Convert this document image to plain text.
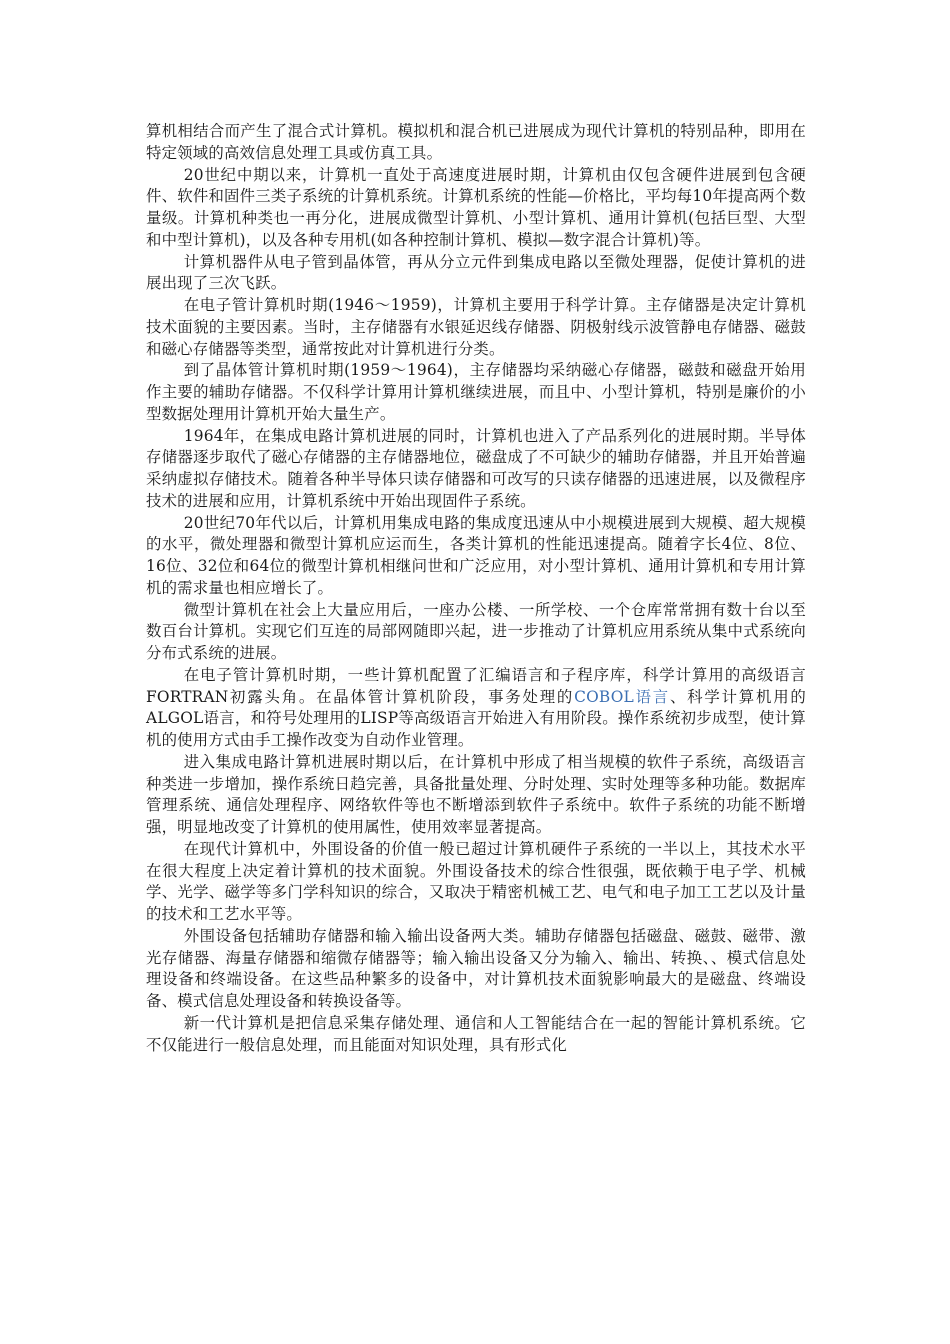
算机相结合而产生了混合式计算机。模拟机和混合机已进展成为现代计算机的特别品种，即用在特定领域的高效信息处理工具或仿真工具。

20世纪中期以来，计算机一直处于高速度进展时期，计算机由仅包含硬件进展到包含硬件、软件和固件三类子系统的计算机系统。计算机系统的性能—价格比，平均每10年提高两个数量级。计算机种类也一再分化，进展成微型计算机、小型计算机、通用计算机(包括巨型、大型和中型计算机)，以及各种专用机(如各种控制计算机、模拟—数字混合计算机)等。

计算机器件从电子管到晶体管，再从分立元件到集成电路以至微处理器，促使计算机的进展出现了三次飞跃。

在电子管计算机时期(1946～1959)，计算机主要用于科学计算。主存储器是决定计算机技术面貌的主要因素。当时，主存储器有水银延迟线存储器、阴极射线示波管静电存储器、磁鼓和磁心存储器等类型，通常按此对计算机进行分类。

到了晶体管计算机时期(1959～1964)，主存储器均采纳磁心存储器，磁鼓和磁盘开始用作主要的辅助存储器。不仅科学计算用计算机继续进展，而且中、小型计算机，特别是廉价的小型数据处理用计算机开始大量生产。

1964年，在集成电路计算机进展的同时，计算机也进入了产品系列化的进展时期。半导体存储器逐步取代了磁心存储器的主存储器地位，磁盘成了不可缺少的辅助存储器，并且开始普遍采纳虚拟存储技术。随着各种半导体只读存储器和可改写的只读存储器的迅速进展，以及微程序技术的进展和应用，计算机系统中开始出现固件子系统。

20世纪70年代以后，计算机用集成电路的集成度迅速从中小规模进展到大规模、超大规模的水平，微处理器和微型计算机应运而生，各类计算机的性能迅速提高。随着字长4位、8位、16位、32位和64位的微型计算机相继问世和广泛应用，对小型计算机、通用计算机和专用计算机的需求量也相应增长了。

微型计算机在社会上大量应用后，一座办公楼、一所学校、一个仓库常常拥有数十台以至数百台计算机。实现它们互连的局部网随即兴起，进一步推动了计算机应用系统从集中式系统向分布式系统的进展。

在电子管计算机时期，一些计算机配置了汇编语言和子程序库，科学计算用的高级语言FORTRAN初露头角。在晶体管计算机阶段，事务处理的COBOL语言、科学计算机用的ALGOL语言，和符号处理用的LISP等高级语言开始进入有用阶段。操作系统初步成型，使计算机的使用方式由手工操作改变为自动作业管理。

进入集成电路计算机进展时期以后，在计算机中形成了相当规模的软件子系统，高级语言种类进一步增加，操作系统日趋完善，具备批量处理、分时处理、实时处理等多种功能。数据库管理系统、通信处理程序、网络软件等也不断增添到软件子系统中。软件子系统的功能不断增强，明显地改变了计算机的使用属性，使用效率显著提高。

在现代计算机中，外围设备的价值一般已超过计算机硬件子系统的一半以上，其技术水平在很大程度上决定着计算机的技术面貌。外围设备技术的综合性很强，既依赖于电子学、机械学、光学、磁学等多门学科知识的综合，又取决于精密机械工艺、电气和电子加工工艺以及计量的技术和工艺水平等。

外围设备包括辅助存储器和输入输出设备两大类。辅助存储器包括磁盘、磁鼓、磁带、激光存储器、海量存储器和缩微存储器等；输入输出设备又分为输入、输出、转换、、模式信息处理设备和终端设备。在这些品种繁多的设备中，对计算机技术面貌影响最大的是磁盘、终端设备、模式信息处理设备和转换设备等。

新一代计算机是把信息采集存储处理、通信和人工智能结合在一起的智能计算机系统。它不仅能进行一般信息处理，而且能面对知识处理，具有形式化
